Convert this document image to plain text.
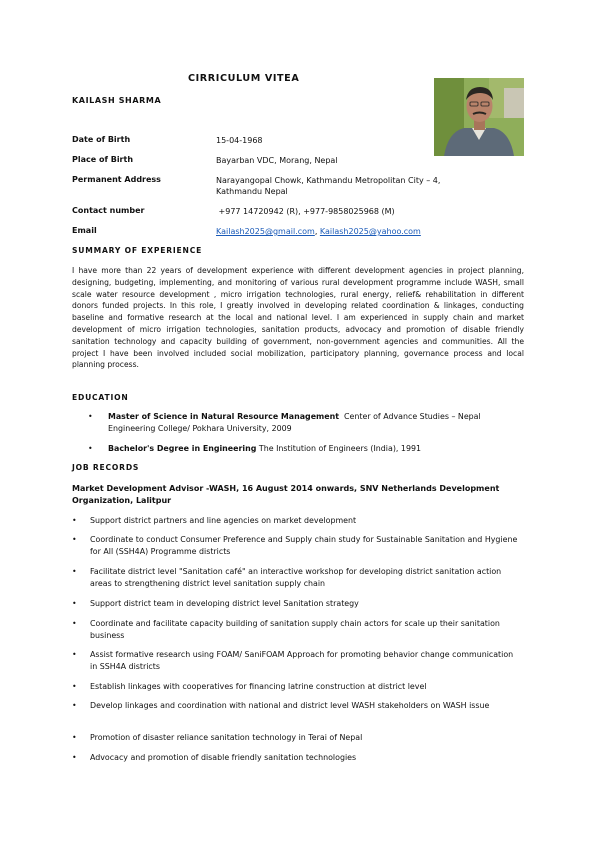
CIRRICULUM VITEA
KAILASH SHARMA
Date of Birth	15-04-1968
Place of Birth	Bayarban VDC, Morang, Nepal
Permanent Address	Narayangopal Chowk, Kathmandu Metropolitan City – 4, Kathmandu Nepal
Contact number	+977 14720942 (R), +977-9858025968 (M)
Email	Kailash2025@gmail.com, Kailash2025@yahoo.com
SUMMARY OF EXPERIENCE
I have more than 22 years of development experience with different development agencies in project planning, designing, budgeting, implementing, and monitoring of various rural development programme include WASH, small scale water resource development , micro irrigation technologies, rural energy, relief& rehabilitation in different donors funded projects. In this role, I greatly involved in developing related coordination & linkages, conducting baseline and formative research at the local and national level. I am experienced in supply chain and market development of micro irrigation technologies, sanitation products, advocacy and promotion of disable friendly sanitation technology and capacity building of government, non-government agencies and communities. All the project I have been involved included social mobilization, participatory planning, governance process and local planning process.
EDUCATION
• Master of Science in Natural Resource Management  Center of Advance Studies – Nepal Engineering College/ Pokhara University, 2009
• Bachelor's Degree in Engineering The Institution of Engineers (India), 1991
JOB RECORDS
Market Development Advisor -WASH, 16 August 2014 onwards, SNV Netherlands Development Organization, Lalitpur
• Support district partners and line agencies on market development
• Coordinate to conduct Consumer Preference and Supply chain study for Sustainable Sanitation and Hygiene for All (SSH4A) Programme districts
• Facilitate district level "Sanitation café" an interactive workshop for developing district sanitation action areas to strengthening district level sanitation supply chain
• Support district team in developing district level Sanitation strategy
• Coordinate and facilitate capacity building of sanitation supply chain actors for scale up their sanitation business
• Assist formative research using FOAM/ SaniFOAM Approach for promoting behavior change communication in SSH4A districts
• Establish linkages with cooperatives for financing latrine construction at district level
• Develop linkages and coordination with national and district level WASH stakeholders on WASH issue
• Promotion of disaster reliance sanitation technology in Terai of Nepal
• Advocacy and promotion of disable friendly sanitation technologies
